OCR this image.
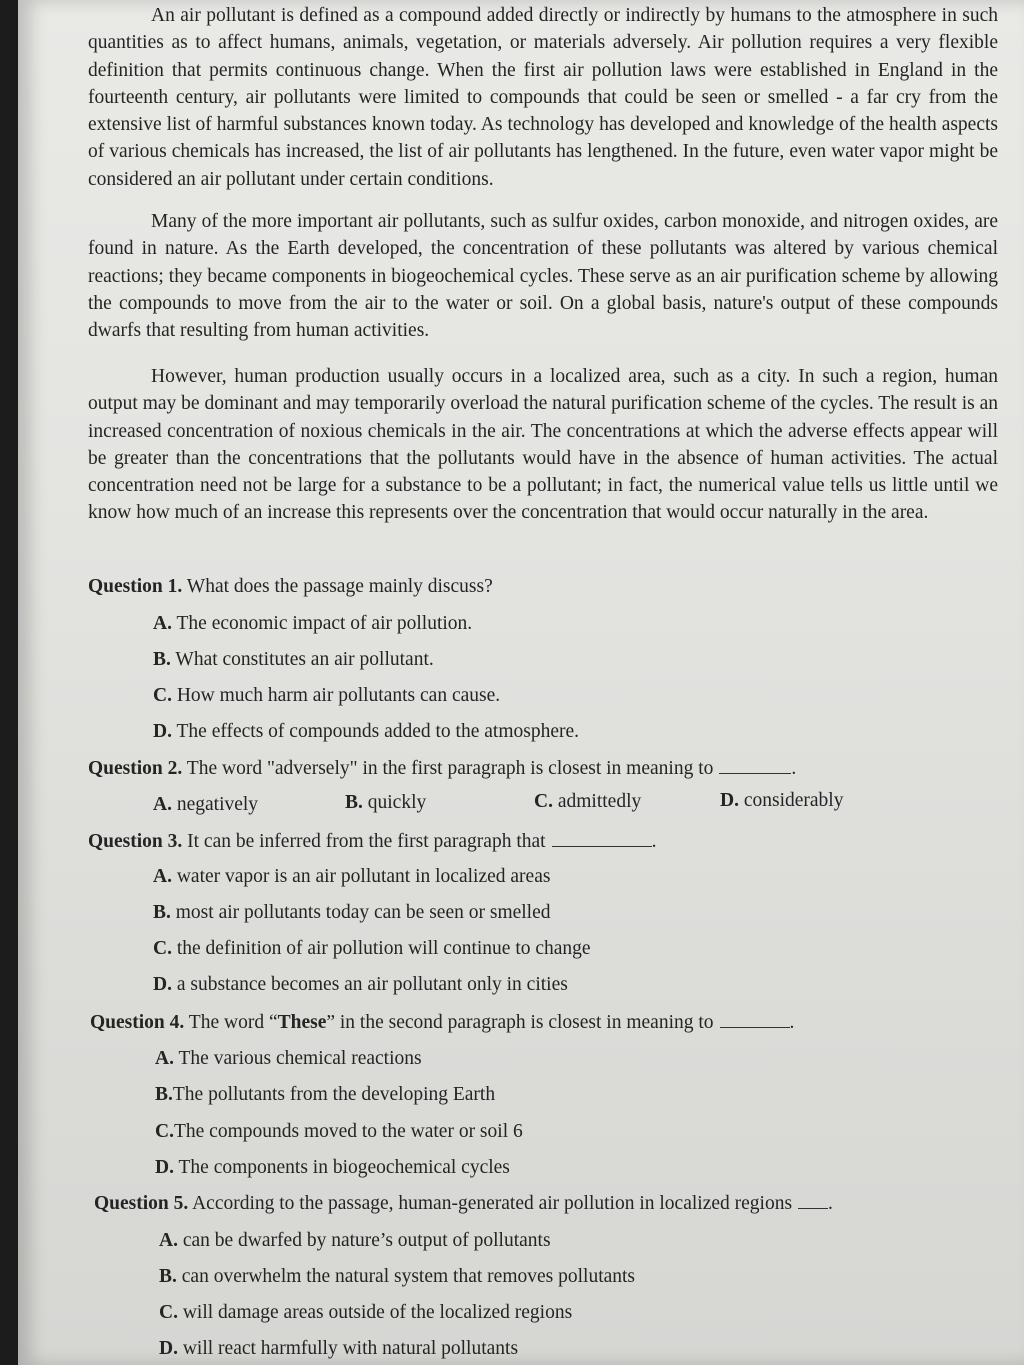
An air pollutant is defined as a compound added directly or indirectly by humans to the atmosphere in such quantities as to affect humans, animals, vegetation, or materials adversely. Air pollution requires a very flexible definition that permits continuous change. When the first air pollution laws were established in England in the fourteenth century, air pollutants were limited to compounds that could be seen or smelled - a far cry from the extensive list of harmful substances known today. As technology has developed and knowledge of the health aspects of various chemicals has increased, the list of air pollutants has lengthened. In the future, even water vapor might be considered an air pollutant under certain conditions.

Many of the more important air pollutants, such as sulfur oxides, carbon monoxide, and nitrogen oxides, are found in nature. As the Earth developed, the concentration of these pollutants was altered by various chemical reactions; they became components in biogeochemical cycles. These serve as an air purification scheme by allowing the compounds to move from the air to the water or soil. On a global basis, nature's output of these compounds dwarfs that resulting from human activities.

However, human production usually occurs in a localized area, such as a city. In such a region, human output may be dominant and may temporarily overload the natural purification scheme of the cycles. The result is an increased concentration of noxious chemicals in the air. The concentrations at which the adverse effects appear will be greater than the concentrations that the pollutants would have in the absence of human activities. The actual concentration need not be large for a substance to be a pollutant; in fact, the numerical value tells us little until we know how much of an increase this represents over the concentration that would occur naturally in the area.

Question 1. What does the passage mainly discuss?
A. The economic impact of air pollution.
B. What constitutes an air pollutant.
C. How much harm air pollutants can cause.
D. The effects of compounds added to the atmosphere.
Question 2. The word "adversely" in the first paragraph is closest in meaning to	.
A. negatively	B. quickly	C. admittedly	D. considerably
Question 3. It can be inferred from the first paragraph that	.
A. water vapor is an air pollutant in localized areas
B. most air pollutants today can be seen or smelled
C. the definition of air pollution will continue to change
D. a substance becomes an air pollutant only in cities
Question 4. The word “These” in the second paragraph is closest in meaning to	.
A. The various chemical reactions
B.The pollutants from the developing Earth
C.The compounds moved to the water or soil 6
D. The components in biogeochemical cycles
Question 5. According to the passage, human-generated air pollution in localized regions .
A. can be dwarfed by nature’s output of pollutants
B. can overwhelm the natural system that removes pollutants
C. will damage areas outside of the localized regions
D. will react harmfully with natural pollutants
